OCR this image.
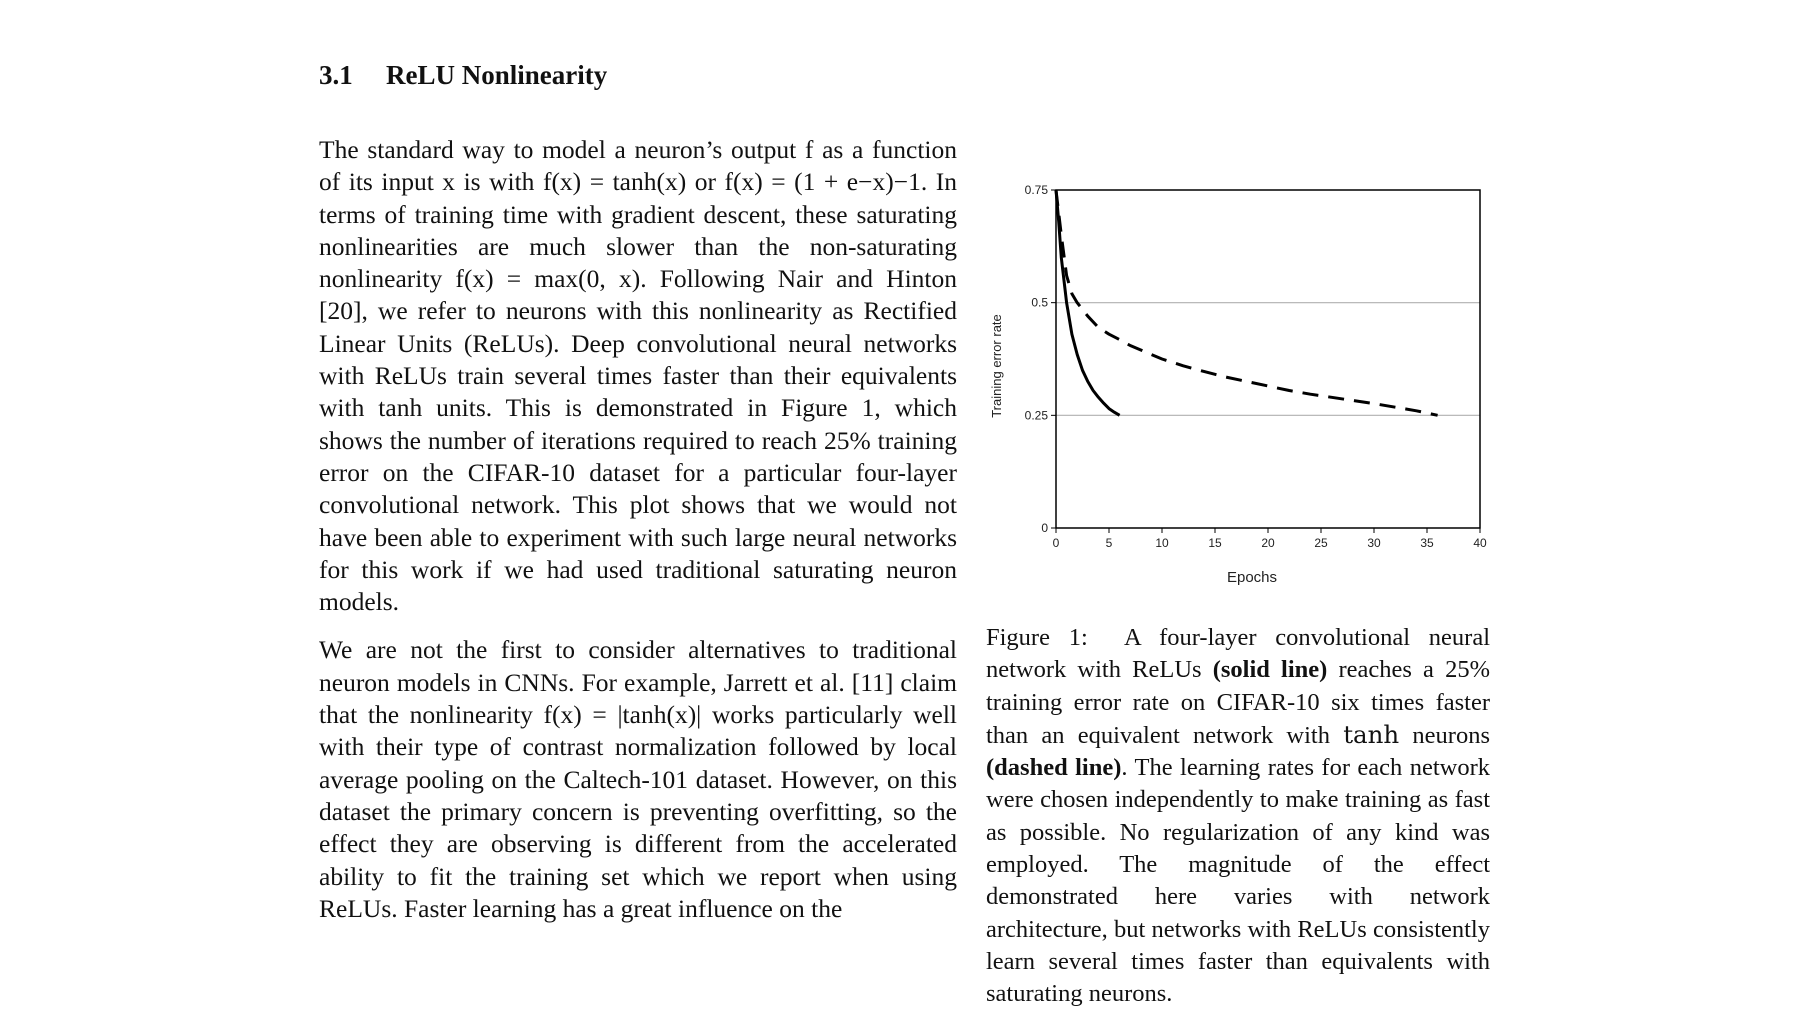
3.1 ReLU Nonlinearity

The standard way to model a neuron’s output f as a function of its input x is with f(x) = tanh(x) or f(x) = (1 + e−x)−1. In terms of training time with gradient descent, these saturating nonlinearities are much slower than the non-saturating nonlinearity f(x) = max(0, x). Following Nair and Hinton [20], we refer to neurons with this nonlinearity as Rectified Linear Units (ReLUs). Deep convolutional neural networks with ReLUs train several times faster than their equivalents with tanh units. This is demonstrated in Figure 1, which shows the number of iterations required to reach 25% training error on the CIFAR-10 dataset for a particular four-layer convolutional network. This plot shows that we would not have been able to experiment with such large neural networks for this work if we had used traditional saturating neuron models.

We are not the first to consider alternatives to traditional neuron models in CNNs. For example, Jarrett et al. [11] claim that the nonlinearity f(x) = |tanh(x)| works particularly well with their type of contrast normalization followed by local average pooling on the Caltech-101 dataset. However, on this dataset the primary concern is preventing overfitting, so the effect they are observing is different from the accelerated ability to fit the training set which we report when using ReLUs. Faster learning has a great influence on the

0	5	10	15	20	25	30	35	40
0
0.25
0.5
0.75
Epochs
Training error rate
Figure 1: A four-layer convolutional neural network with ReLUs (solid line) reaches a 25% training error rate on CIFAR-10 six times faster than an equivalent network with tanh neurons (dashed line). The learning rates for each network were chosen independently to make training as fast as possible. No regularization of any kind was employed. The magnitude of the effect demonstrated here varies with network architecture, but networks with ReLUs consistently learn several times faster than equivalents with saturating neurons.
